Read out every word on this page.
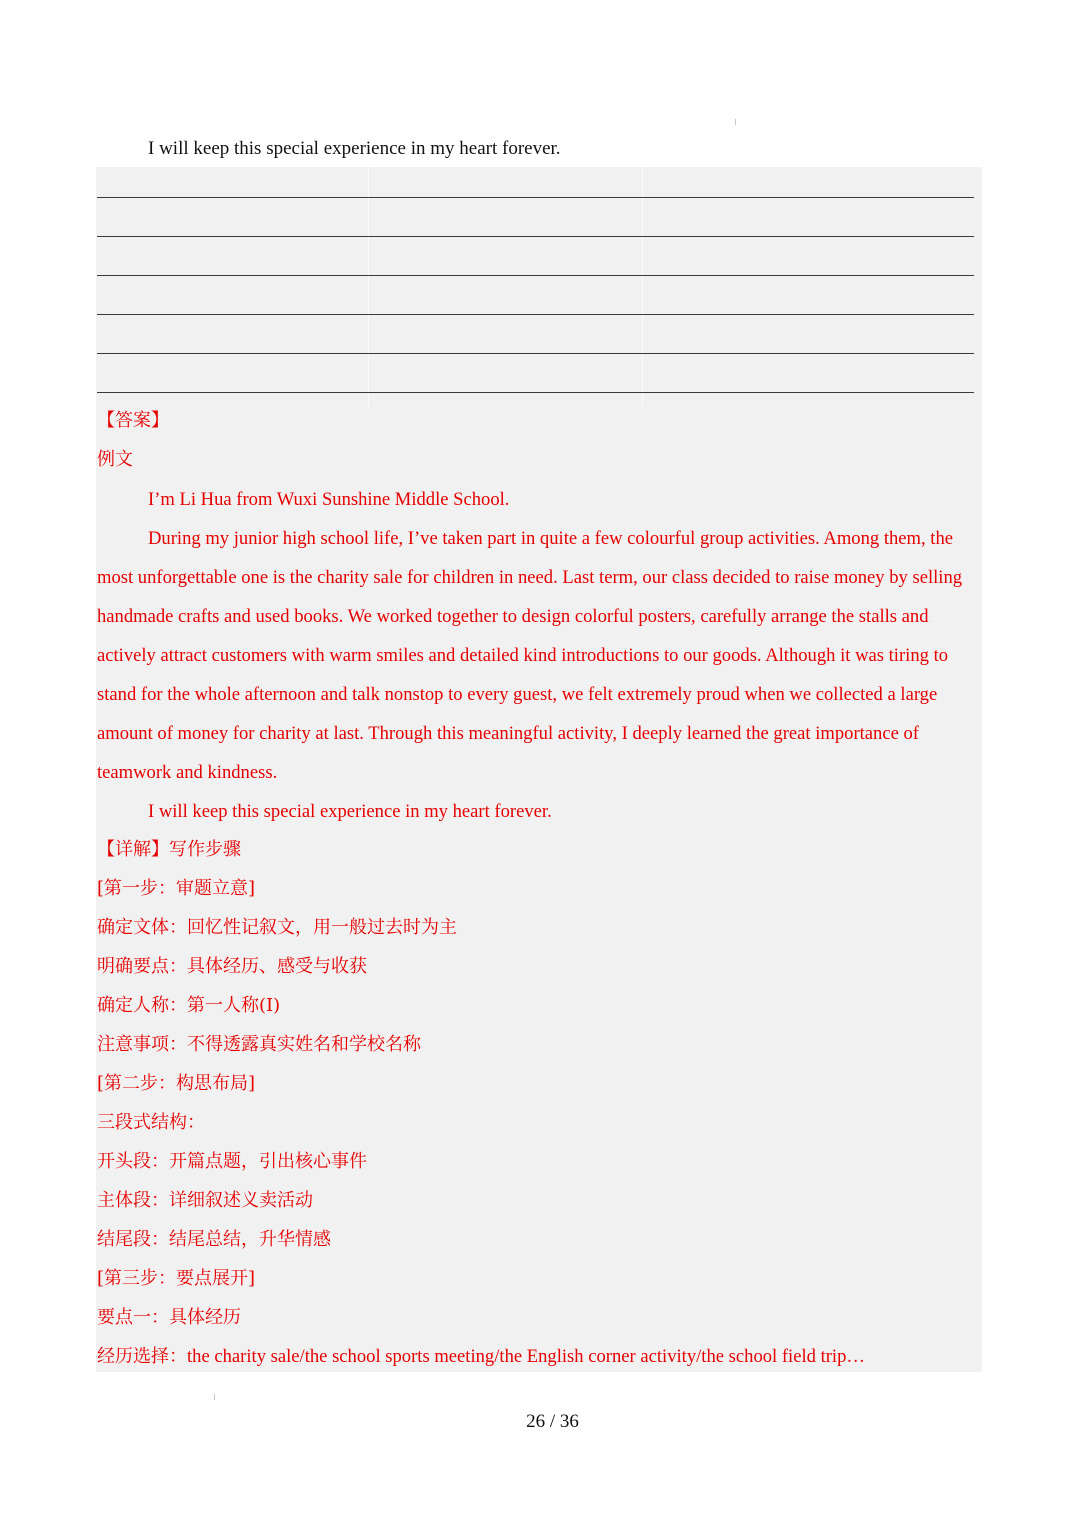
I will keep this special experience in my heart forever.
【答案】
例文
I’m Li Hua from Wuxi Sunshine Middle School.
During my junior high school life, I’ve taken part in quite a few colourful group activities. Among them, the most unforgettable one is the charity sale for children in need. Last term, our class decided to raise money by selling handmade crafts and used books. We worked together to design colorful posters, carefully arrange the stalls and actively attract customers with warm smiles and detailed kind introductions to our goods. Although it was tiring to stand for the whole afternoon and talk nonstop to every guest, we felt extremely proud when we collected a large amount of money for charity at last. Through this meaningful activity, I deeply learned the great importance of teamwork and kindness.
I will keep this special experience in my heart forever.
【详解】写作步骤
[第一步：审题立意]
确定文体：回忆性记叙文，用一般过去时为主
明确要点：具体经历、感受与收获
确定人称：第一人称(I)
注意事项：不得透露真实姓名和学校名称
[第二步：构思布局]
三段式结构：
开头段：开篇点题，引出核心事件
主体段：详细叙述义卖活动
结尾段：结尾总结，升华情感
[第三步：要点展开]
要点一：具体经历
经历选择：the charity sale/the school sports meeting/the English corner activity/the school field trip…
26 / 36
